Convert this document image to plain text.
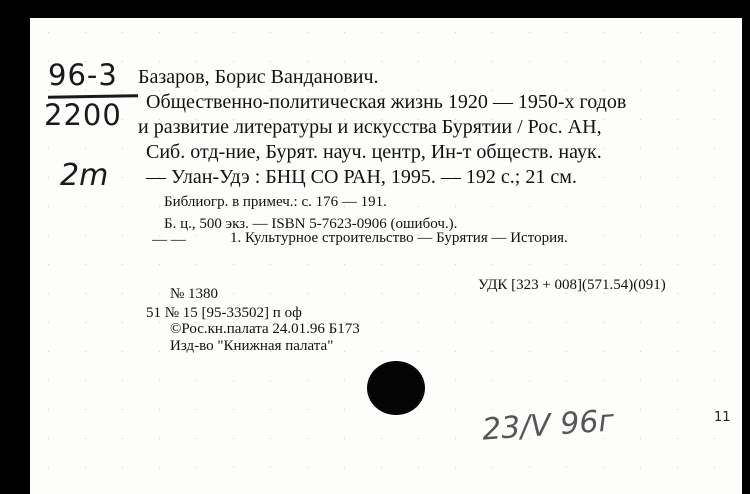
96-3
2200
2m
Базаров, Борис Ванданович.
Общественно-политическая жизнь 1920 — 1950-х годов
и развитие литературы и искусства Бурятии / Рос. АН,
Сиб. отд-ние, Бурят. науч. центр, Ин-т обществ. наук.
— Улан-Удэ : БНЦ СО РАН, 1995. — 192 с.; 21 см.
Библиогр. в примеч.: с. 176 — 191.
Б. ц., 500 экз. — ISBN 5-7623-0906 (ошибоч.).
— —	1. Культурное строительство — Бурятия — История.
№ 1380
УДК [323 + 008](571.54)(091)
51 № 15 [95-33502] п оф
©Рос.кн.палата 24.01.96 Б173
Изд-во "Книжная палата"
23/V 96г	11
